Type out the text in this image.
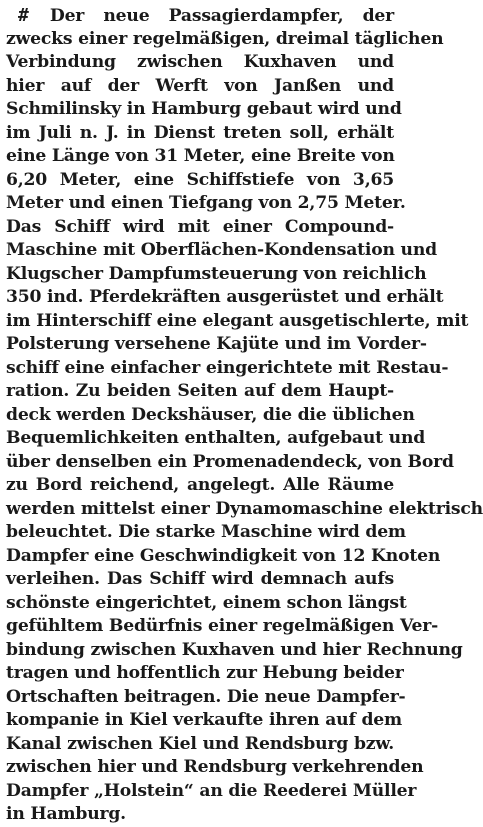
# Der neue Passagierdampfer, der
zwecks einer regelmäßigen, dreimal täglichen
Verbindung zwischen Kuxhaven und
hier auf der Werft von Janßen und
Schmilinsky in Hamburg gebaut wird und
im Juli n. J. in Dienst treten soll, erhält
eine Länge von 31 Meter, eine Breite von
6,20 Meter, eine Schiffstiefe von 3,65
Meter und einen Tiefgang von 2,75 Meter.
Das Schiff wird mit einer Compound-
Maschine mit Oberflächen-Kondensation und
Klugscher Dampfumsteuerung von reichlich
350 ind. Pferdekräften ausgerüstet und erhält
im Hinterschiff eine elegant ausgetischlerte, mit
Polsterung versehene Kajüte und im Vorder-
schiff eine einfacher eingerichtete mit Restau-
ration. Zu beiden Seiten auf dem Haupt-
deck werden Deckshäuser, die die üblichen
Bequemlichkeiten enthalten, aufgebaut und
über denselben ein Promenadendeck, von Bord
zu Bord reichend, angelegt. Alle Räume
werden mittelst einer Dynamomaschine elektrisch
beleuchtet. Die starke Maschine wird dem
Dampfer eine Geschwindigkeit von 12 Knoten
verleihen. Das Schiff wird demnach aufs
schönste eingerichtet, einem schon längst
gefühltem Bedürfnis einer regelmäßigen Ver-
bindung zwischen Kuxhaven und hier Rechnung
tragen und hoffentlich zur Hebung beider
Ortschaften beitragen. Die neue Dampfer-
kompanie in Kiel verkaufte ihren auf dem
Kanal zwischen Kiel und Rendsburg bzw.
zwischen hier und Rendsburg verkehrenden
Dampfer „Holstein“ an die Reederei Müller
in Hamburg.
